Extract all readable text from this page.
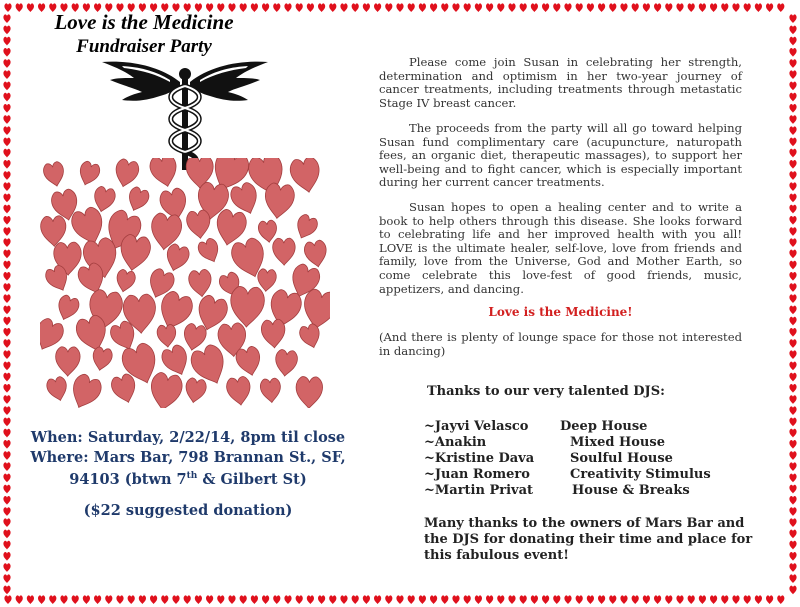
Love is the Medicine
Fundraiser Party
When: Saturday, 2/22/14, 8pm til close
Where: Mars Bar, 798 Brannan St., SF,
94103 (btwn 7th & Gilbert St)
($22 suggested donation)

Please come join Susan in celebrating her strength, determination and optimism in her two-year journey of cancer treatments, including treatments through metastatic Stage IV breast cancer.

The proceeds from the party will all go toward helping Susan fund complimentary care (acupuncture, naturopath fees, an organic diet, therapeutic massages), to support her well-being and to fight cancer, which is especially important during her current cancer treatments.

Susan hopes to open a healing center and to write a book to help others through this disease. She looks forward to celebrating life and her improved health with you all! LOVE is the ultimate healer, self-love, love from friends and family, love from the Universe, God and Mother Earth, so come celebrate this love-fest of good friends, music, appetizers, and dancing.

Love is the Medicine!

(And there is plenty of lounge space for those not interested in dancing)

Thanks to our very talented DJS:
~Jayvi Velasco Deep House
~Anakin	Mixed House
~Kristine Dava	Soulful House
~Juan Romero	Creativity Stimulus
~Martin Privat	House & Breaks

Many thanks to the owners of Mars Bar and the DJS for donating their time and place for this fabulous event!
